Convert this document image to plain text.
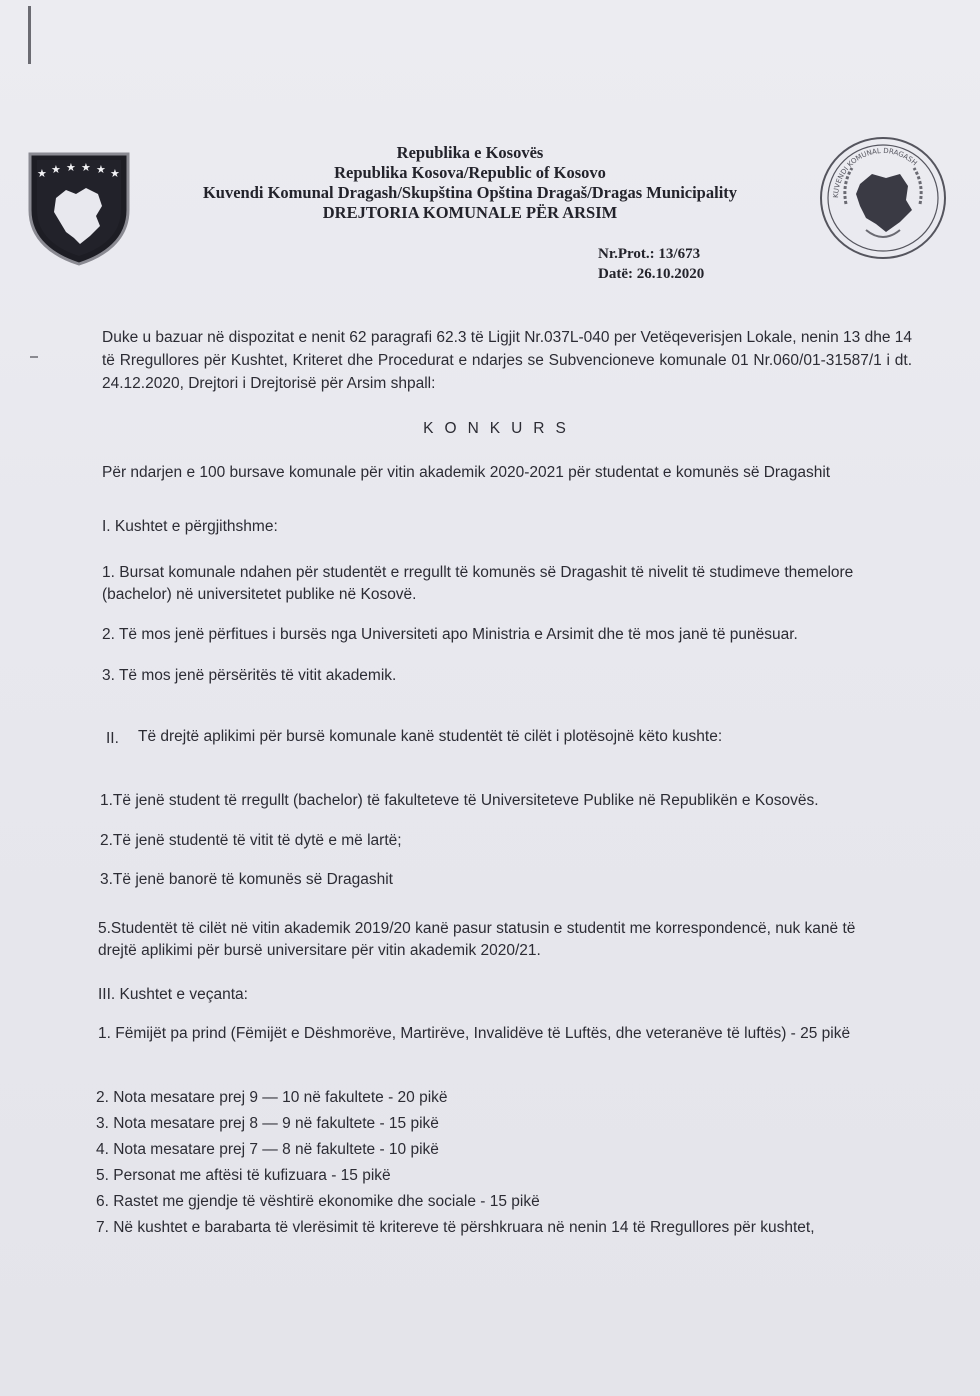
★ ★ ★ ★ ★ ★
Republika e Kosovës
Republika Kosova/Republic of Kosovo
Kuvendi Komunal Dragash/Skupština Opština Dragaš/Dragas Municipality
DREJTORIA KOMUNALE PËR ARSIM
KUVENDI KOMUNAL DRAGASH
Nr.Prot.: 13/673
Datë: 26.10.2020
Duke u bazuar në dispozitat e nenit 62 paragrafi 62.3 të Ligjit Nr.037L-040 per Vetëqeverisjen Lokale, nenin 13 dhe 14 të Rregullores për Kushtet, Kriteret dhe Procedurat e ndarjes se Subvencioneve komunale 01 Nr.060/01-31587/1 i dt. 24.12.2020, Drejtori i Drejtorisë për Arsim shpall:
KONKURS
Për ndarjen e 100 bursave komunale për vitin akademik 2020-2021 për studentat e komunës së Dragashit
I. Kushtet e përgjithshme:
1. Bursat komunale ndahen për studentët e rregullt të komunës së Dragashit të nivelit të studimeve themelore (bachelor) në universitetet publike në Kosovë.
2. Të mos jenë përfitues i bursës nga Universiteti apo Ministria e Arsimit dhe të mos janë të punësuar.
3. Të mos jenë përsëritës të vitit akademik.
II. Të drejtë aplikimi për bursë komunale kanë studentët të cilët i plotësojnë këto kushte:
1.Të jenë student të rregullt (bachelor) të fakulteteve të Universiteteve Publike në Republikën e Kosovës.
2.Të jenë studentë të vitit të dytë e më lartë;
3.Të jenë banorë të komunës së Dragashit
5.Studentët të cilët në vitin akademik 2019/20 kanë pasur statusin e studentit me korrespondencë, nuk kanë të drejtë aplikimi për bursë universitare për vitin akademik 2020/21.
III. Kushtet e veçanta:
1. Fëmijët pa prind (Fëmijët e Dëshmorëve, Martirëve, Invalidëve të Luftës, dhe veteranëve të luftës) - 25 pikë
2. Nota mesatare prej 9 — 10 në fakultete - 20 pikë
3. Nota mesatare prej 8 — 9 në fakultete - 15 pikë
4. Nota mesatare prej 7 — 8 në fakultete - 10 pikë
5. Personat me aftësi të kufizuara - 15 pikë
6. Rastet me gjendje të vështirë ekonomike dhe sociale - 15 pikë
7. Në kushtet e barabarta të vlerësimit të kritereve të përshkruara në nenin 14 të Rregullores për kushtet,
